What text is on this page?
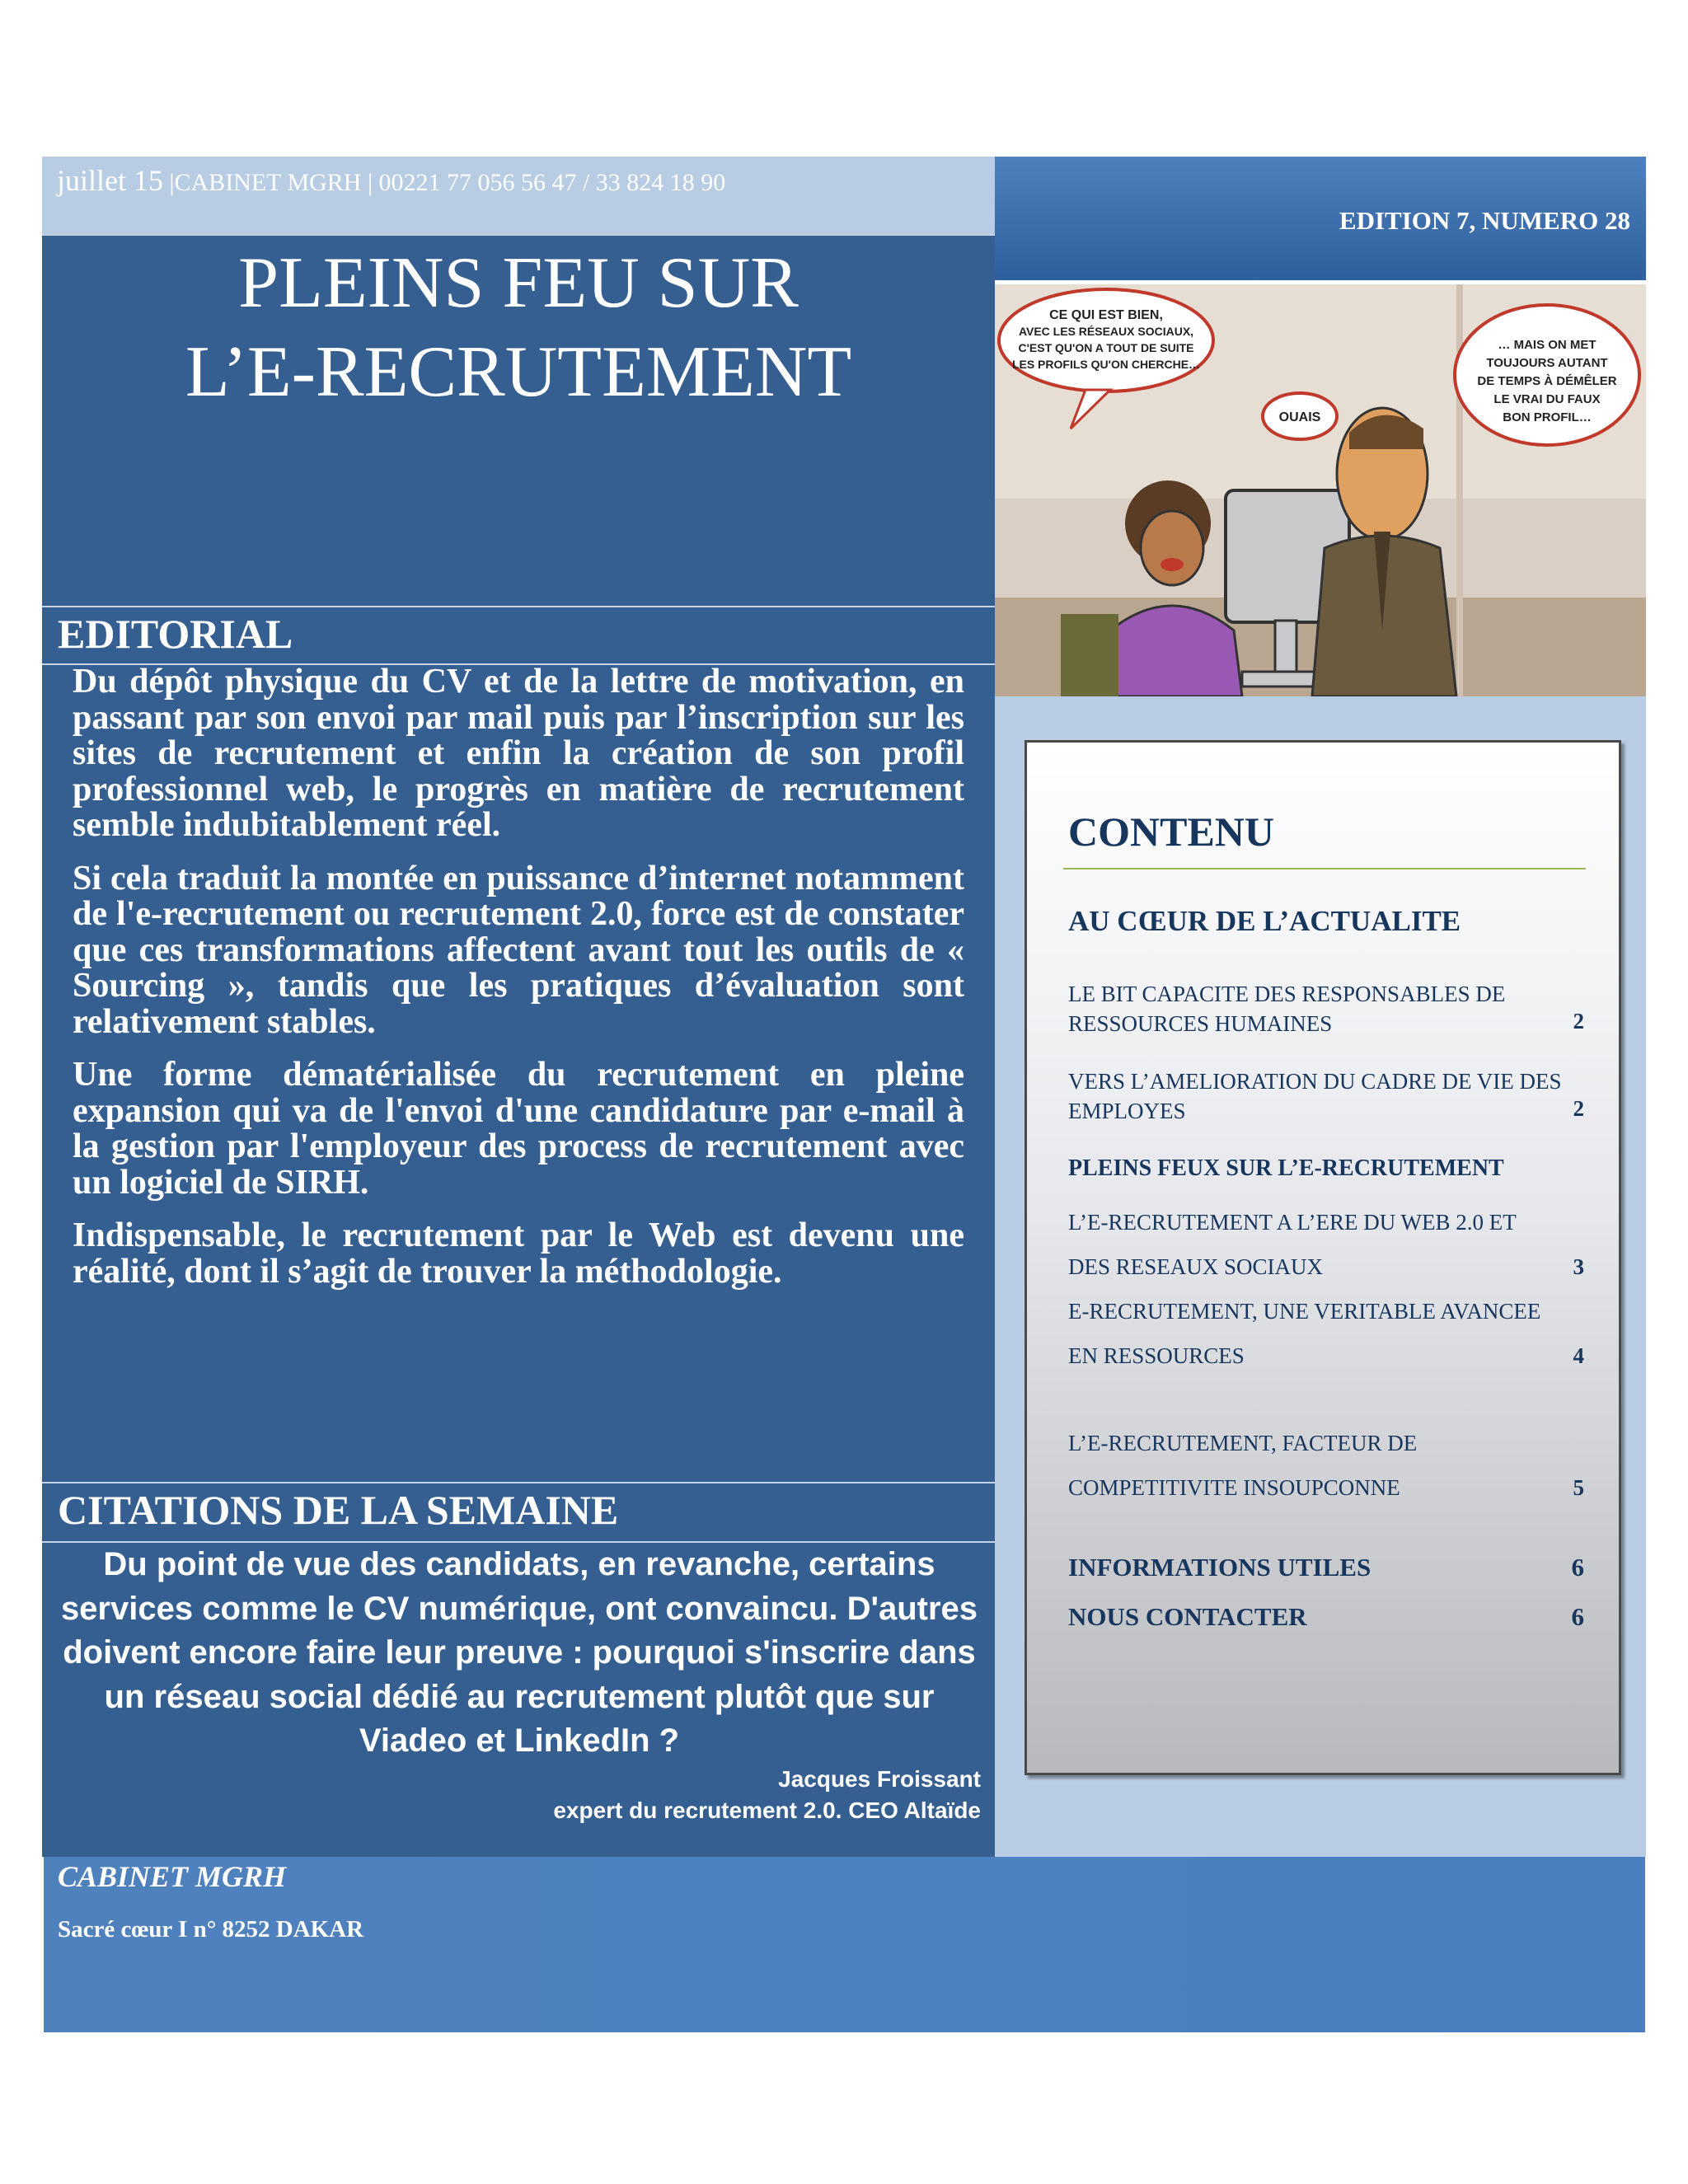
juillet 15 |CABINET MGRH | 00221 77 056 56 47 / 33 824 18 90
PLEINS FEU SUR
L’E-RECRUTEMENT
EDITORIAL

Du dépôt physique du CV et de la lettre de motivation, en passant par son envoi par mail puis par l’inscription sur les sites de recrutement et enfin la création de son profil professionnel web, le progrès en matière de recrutement semble indubitablement réel.

Si cela traduit la montée en puissance d’internet notamment de l'e-recrutement ou recrutement 2.0, force est de constater que ces transformations affectent avant tout les outils de « Sourcing », tandis que les pratiques d’évaluation sont relativement stables.

Une forme dématérialisée du recrutement en pleine expansion qui va de l'envoi d'une candidature par e-mail à la gestion par l'employeur des process de recrutement avec un logiciel de SIRH.

Indispensable, le recrutement par le Web est devenu une réalité, dont il s’agit de trouver la méthodologie.

CITATIONS DE LA SEMAINE
Du point de vue des candidats, en revanche, certains services comme le CV numérique, ont convaincu. D'autres doivent encore faire leur preuve : pourquoi s'inscrire dans un réseau social dédié au recrutement plutôt que sur Viadeo et LinkedIn ?
Jacques Froissant
expert du recrutement 2.0. CEO Altaïde
EDITION 7, NUMERO 28
CE QUI EST BIEN,
AVEC LES RÉSEAUX SOCIAUX,
C'EST QU'ON A TOUT DE SUITE
LES PROFILS QU'ON CHERCHE…
OUAIS
… MAIS ON MET
TOUJOURS AUTANT
DE TEMPS À DÉMÊLER
LE VRAI DU FAUX
BON PROFIL…
CONTENU
AU CŒUR DE L’ACTUALITE
LE BIT CAPACITE DES RESPONSABLES DE
RESSOURCES HUMAINES	2
VERS L’AMELIORATION DU CADRE DE VIE DES
EMPLOYES	2
PLEINS FEUX SUR L’E-RECRUTEMENT
L’E-RECRUTEMENT A L’ERE DU WEB 2.0 ET
DES RESEAUX SOCIAUX	3
E-RECRUTEMENT, UNE VERITABLE AVANCEE
EN RESSOURCES	4
L’E-RECRUTEMENT, FACTEUR DE
COMPETITIVITE INSOUPCONNE	5
INFORMATIONS UTILES	6
NOUS CONTACTER	6
CABINET MGRH
Sacré cœur I n° 8252 DAKAR
